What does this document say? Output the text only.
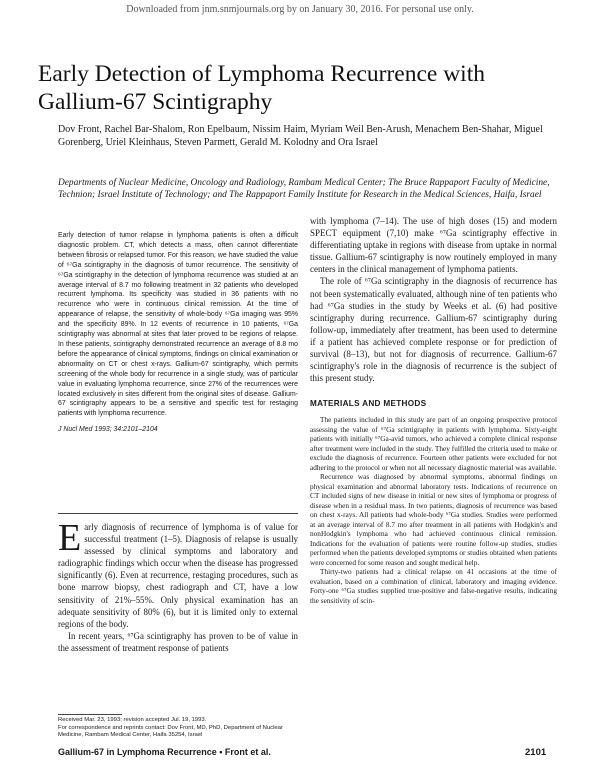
Downloaded from jnm.snmjournals.org by on January 30, 2016. For personal use only.
Early Detection of Lymphoma Recurrence with Gallium-67 Scintigraphy
Dov Front, Rachel Bar-Shalom, Ron Epelbaum, Nissim Haim, Myriam Weil Ben-Arush, Menachem Ben-Shahar, Miguel Gorenberg, Uriel Kleinhaus, Steven Parmett, Gerald M. Kolodny and Ora Israel
Departments of Nuclear Medicine, Oncology and Radiology, Rambam Medical Center; The Bruce Rappaport Faculty of Medicine, Technion; Israel Institute of Technology; and The Rappaport Family Institute for Research in the Medical Sciences, Haifa, Israel

Early detection of tumor relapse in lymphoma patients is often a difficult diagnostic problem. CT, which detects a mass, often cannot differentiate between fibrosis or relapsed tumor. For this reason, we have studied the value of ⁶⁷Ga scintigraphy in the diagnosis of tumor recurrence. The sensitivity of ⁶⁷Ga scintigraphy in the detection of lymphoma recurrence was studied at an average interval of 8.7 mo following treatment in 32 patients who developed recurrent lymphoma. Its specificity was studied in 36 patients with no recurrence who were in continuous clinical remission. At the time of appearance of relapse, the sensitivity of whole-body ⁶⁷Ga imaging was 95% and the specificity 89%. In 12 events of recurrence in 10 patients, ⁶⁷Ga scintigraphy was abnormal at sites that later proved to be regions of relapse. In these patients, scintigraphy demonstrated recurrence an average of 8.8 mo before the appearance of clinical symptoms, findings on clinical examination or abnormality on CT or chest x-rays. Gallium-67 scintigraphy, which permits screening of the whole body for recurrence in a single study, was of particular value in evaluating lymphoma recurrence, since 27% of the recurrences were located exclusively in sites different from the original sites of disease. Gallium-67 scintigraphy appears to be a sensitive and specific test for restaging patients with lymphoma recurrence.

J Nucl Med 1993; 34:2101–2104

E arly diagnosis of recurrence of lymphoma is of value for successful treatment (1–5). Diagnosis of relapse is usually assessed by clinical symptoms and laboratory and radiographic findings which occur when the disease has progressed significantly (6). Even at recurrence, restaging procedures, such as bone marrow biopsy, chest radiograph and CT, have a low sensitivity of 21%–55%. Only physical examination has an adequate sensitivity of 80% (6), but it is limited only to external regions of the body.

In recent years, ⁶⁷Ga scintigraphy has proven to be of value in the assessment of treatment response of patients

Received Mar. 23, 1993; revision accepted Jul. 19, 1993.

For correspondence and reprints contact: Dov Front, MD, PhD, Department of Nuclear Medicine, Rambam Medical Center, Haifa 35254, Israel

with lymphoma (7–14). The use of high doses (15) and modern SPECT equipment (7,10) make ⁶⁷Ga scintigraphy effective in differentiating uptake in regions with disease from uptake in normal tissue. Gallium-67 scintigraphy is now routinely employed in many centers in the clinical management of lymphoma patients.

The role of ⁶⁷Ga scintigraphy in the diagnosis of recurrence has not been systematically evaluated, although nine of ten patients who had ⁶⁷Ga studies in the study by Weeks et al. (6) had positive scintigraphy during recurrence. Gallium-67 scintigraphy during follow-up, immediately after treatment, has been used to determine if a patient has achieved complete response or for prediction of survival (8–13), but not for diagnosis of recurrence. Gallium-67 scintigraphy's role in the diagnosis of recurrence is the subject of this present study.

MATERIALS AND METHODS

The patients included in this study are part of an ongoing prospective protocol assessing the value of ⁶⁷Ga scintigraphy in patients with lymphoma. Sixty-eight patients with initially ⁶⁷Ga-avid tumors, who achieved a complete clinical response after treatment were included in the study. They fulfilled the criteria used to make or exclude the diagnosis of recurrence. Fourteen other patients were excluded for not adhering to the protocol or when not all necessary diagnostic material was available.

Recurrence was diagnosed by abnormal symptoms, abnormal findings on physical examination and abnormal laboratory tests. Indications of recurrence on CT included signs of new disease in initial or new sites of lymphoma or progress of disease when in a residual mass. In two patients, diagnosis of recurrence was based on chest x-rays. All patients had whole-body ⁶⁷Ga studies. Studies were performed at an average interval of 8.7 mo after treatment in all patients with Hodgkin's and nonHodgkin's lymphoma who had achieved continuous clinical remission. Indications for the evaluation of patients were routine follow-up studies, studies performed when the patients developed symptoms or studies obtained when patients were concerned for some reason and sought medical help.

Thirty-two patients had a clinical relapse on 41 occasions at the time of evaluation, based on a combination of clinical, laboratory and imaging evidence. Forty-one ⁶⁷Ga studies supplied true-positive and false-negative results, indicating the sensitivity of scin-

Gallium-67 in Lymphoma Recurrence • Front et al.	2101
